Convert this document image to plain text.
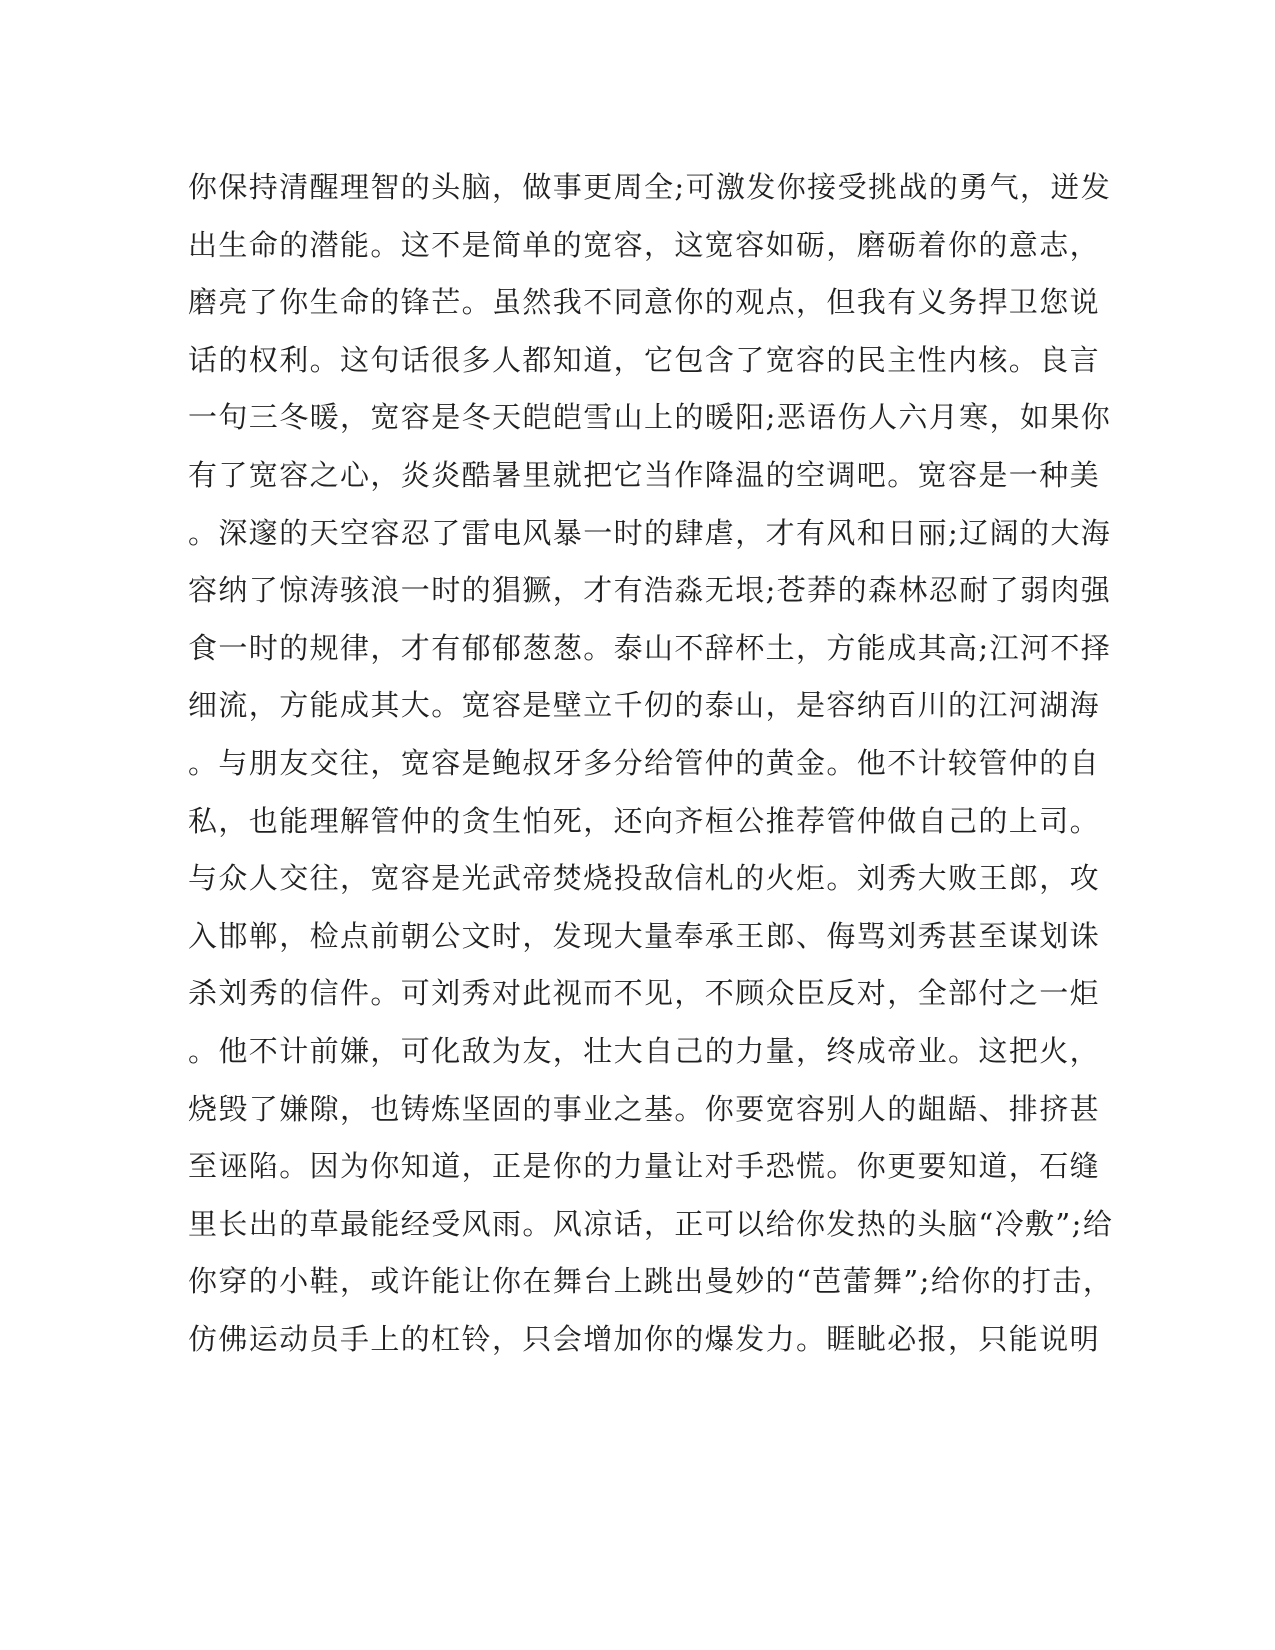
你保持清醒理智的头脑，做事更周全;可激发你接受挑战的勇气，迸发
出生命的潜能。这不是简单的宽容，这宽容如砺，磨砺着你的意志，
磨亮了你生命的锋芒。虽然我不同意你的观点，但我有义务捍卫您说
话的权利。这句话很多人都知道，它包含了宽容的民主性内核。良言
一句三冬暖，宽容是冬天皑皑雪山上的暖阳;恶语伤人六月寒，如果你
有了宽容之心，炎炎酷暑里就把它当作降温的空调吧。宽容是一种美
。深邃的天空容忍了雷电风暴一时的肆虐，才有风和日丽;辽阔的大海
容纳了惊涛骇浪一时的猖獗，才有浩淼无垠;苍莽的森林忍耐了弱肉强
食一时的规律，才有郁郁葱葱。泰山不辞杯土，方能成其高;江河不择
细流，方能成其大。宽容是壁立千仞的泰山，是容纳百川的江河湖海
。与朋友交往，宽容是鲍叔牙多分给管仲的黄金。他不计较管仲的自
私，也能理解管仲的贪生怕死，还向齐桓公推荐管仲做自己的上司。
与众人交往，宽容是光武帝焚烧投敌信札的火炬。刘秀大败王郎，攻
入邯郸，检点前朝公文时，发现大量奉承王郎、侮骂刘秀甚至谋划诛
杀刘秀的信件。可刘秀对此视而不见，不顾众臣反对，全部付之一炬
。他不计前嫌，可化敌为友，壮大自己的力量，终成帝业。这把火，
烧毁了嫌隙，也铸炼坚固的事业之基。你要宽容别人的龃龉、排挤甚
至诬陷。因为你知道，正是你的力量让对手恐慌。你更要知道，石缝
里长出的草最能经受风雨。风凉话，正可以给你发热的头脑“冷敷”;给
你穿的小鞋，或许能让你在舞台上跳出曼妙的“芭蕾舞”;给你的打击，
仿佛运动员手上的杠铃，只会增加你的爆发力。睚眦必报，只能说明
